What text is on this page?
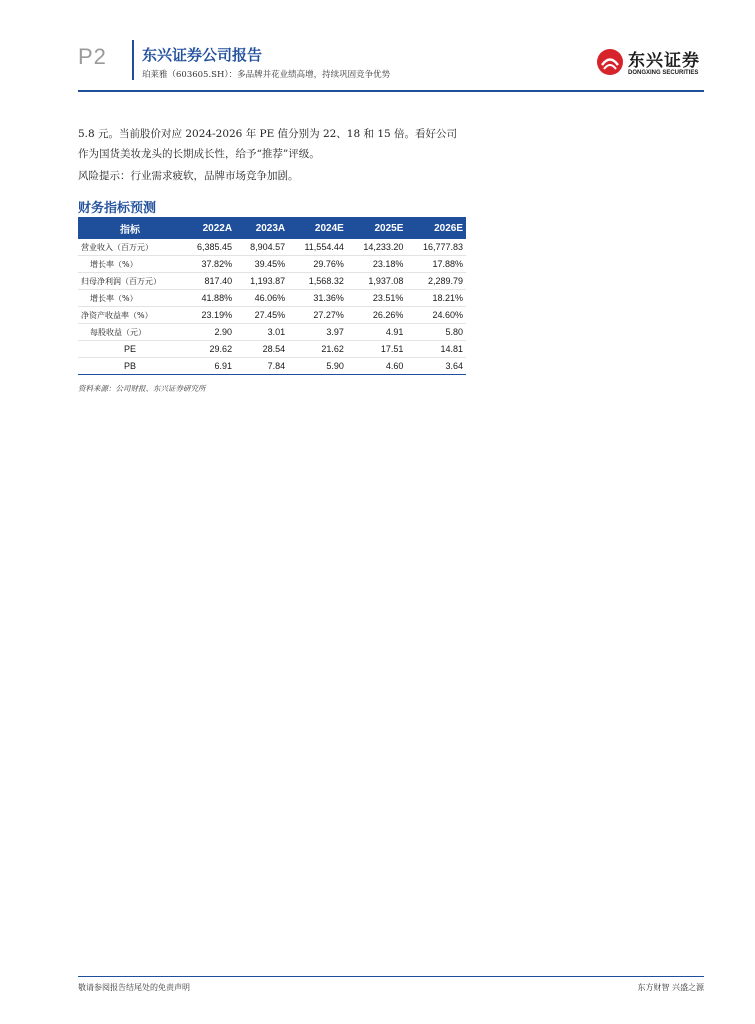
P2 东兴证券公司报告
珀莱雅（603605.SH）：多品牌并花业绩高增，持续巩固竞争优势
东兴证券
DONGXING SECURITIES
5.8 元。当前股价对应 2024-2026 年 PE 值分别为 22、18 和 15 倍。看好公司
作为国货美妆龙头的长期成长性，给予“推荐”评级。
风险提示：行业需求疲软，品牌市场竞争加剧。
财务指标预测
指标	2022A	2023A	2024E	2025E	2026E
营业收入（百万元）	6,385.45	8,904.57	11,554.44	14,233.20	16,777.83
增长率（%）	37.82%	39.45%	29.76%	23.18%	17.88%
归母净利润（百万元）	817.40	1,193.87	1,568.32	1,937.08	2,289.79
增长率（%）	41.88%	46.06%	31.36%	23.51%	18.21%
净资产收益率（%）	23.19%	27.45%	27.27%	26.26%	24.60%
每股收益（元）	2.90	3.01	3.97	4.91	5.80
PE	29.62	28.54	21.62	17.51	14.81
PB	6.91	7.84	5.90	4.60	3.64
资料来源：公司财报、东兴证券研究所
敬请参阅报告结尾处的免责声明	东方财智 兴盛之源
